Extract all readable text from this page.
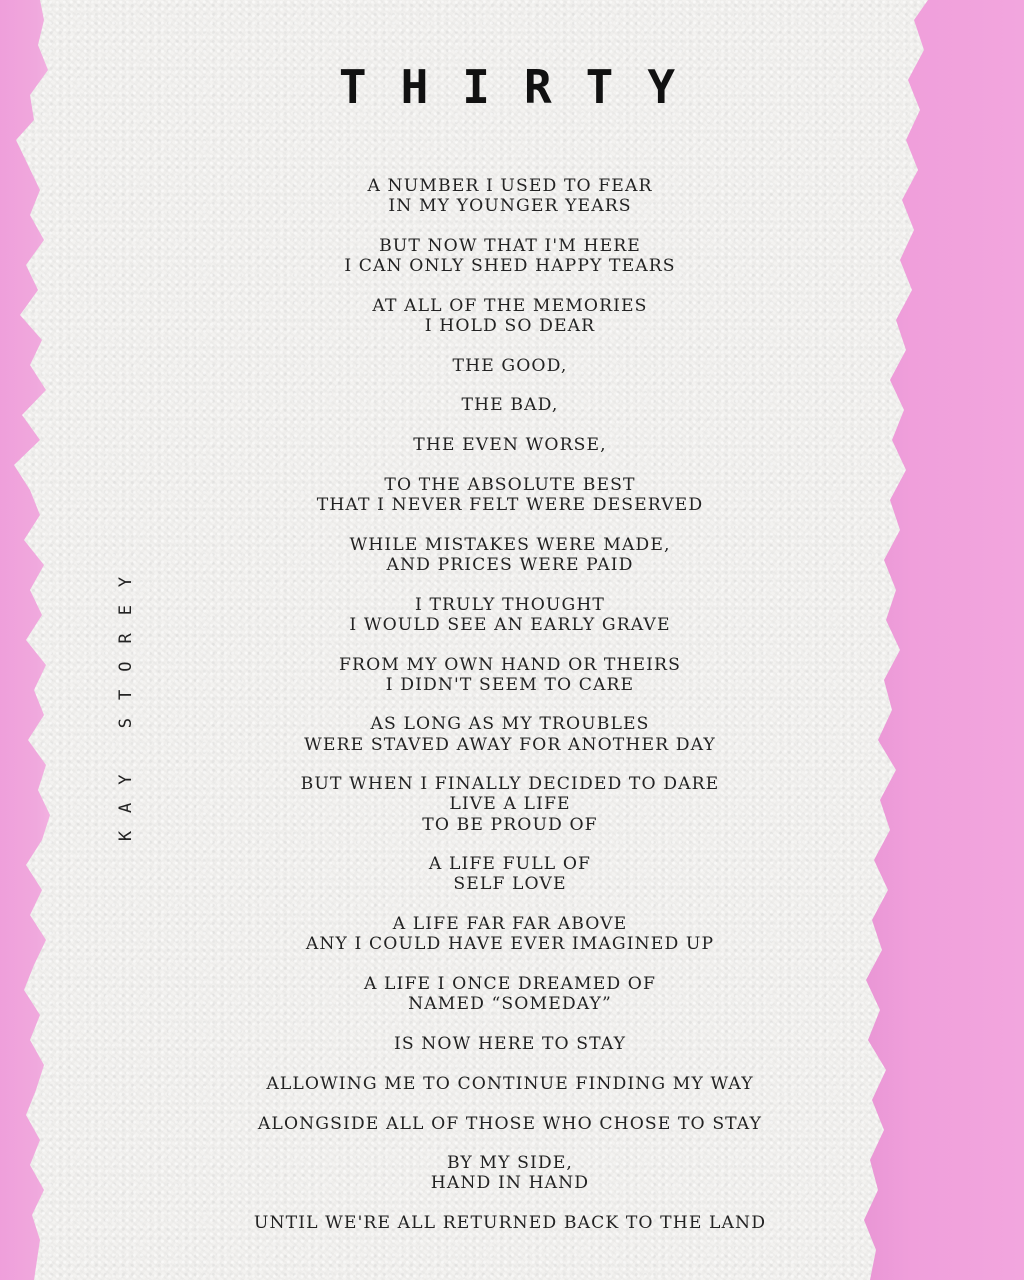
THIRTY
KAY STOREY

A NUMBER I USED TO FEAR
IN MY YOUNGER YEARS

BUT NOW THAT I'M HERE
I CAN ONLY SHED HAPPY TEARS

AT ALL OF THE MEMORIES
I HOLD SO DEAR

THE GOOD,

THE BAD,

THE EVEN WORSE,

TO THE ABSOLUTE BEST
THAT I NEVER FELT WERE DESERVED

WHILE MISTAKES WERE MADE,
AND PRICES WERE PAID

I TRULY THOUGHT
I WOULD SEE AN EARLY GRAVE

FROM MY OWN HAND OR THEIRS
I DIDN'T SEEM TO CARE

AS LONG AS MY TROUBLES
WERE STAVED AWAY FOR ANOTHER DAY

BUT WHEN I FINALLY DECIDED TO DARE
LIVE A LIFE
TO BE PROUD OF

A LIFE FULL OF
SELF LOVE

A LIFE FAR FAR ABOVE
ANY I COULD HAVE EVER IMAGINED UP

A LIFE I ONCE DREAMED OF
NAMED “SOMEDAY”

IS NOW HERE TO STAY

ALLOWING ME TO CONTINUE FINDING MY WAY

ALONGSIDE ALL OF THOSE WHO CHOSE TO STAY

BY MY SIDE,
HAND IN HAND

UNTIL WE'RE ALL RETURNED BACK TO THE LAND
